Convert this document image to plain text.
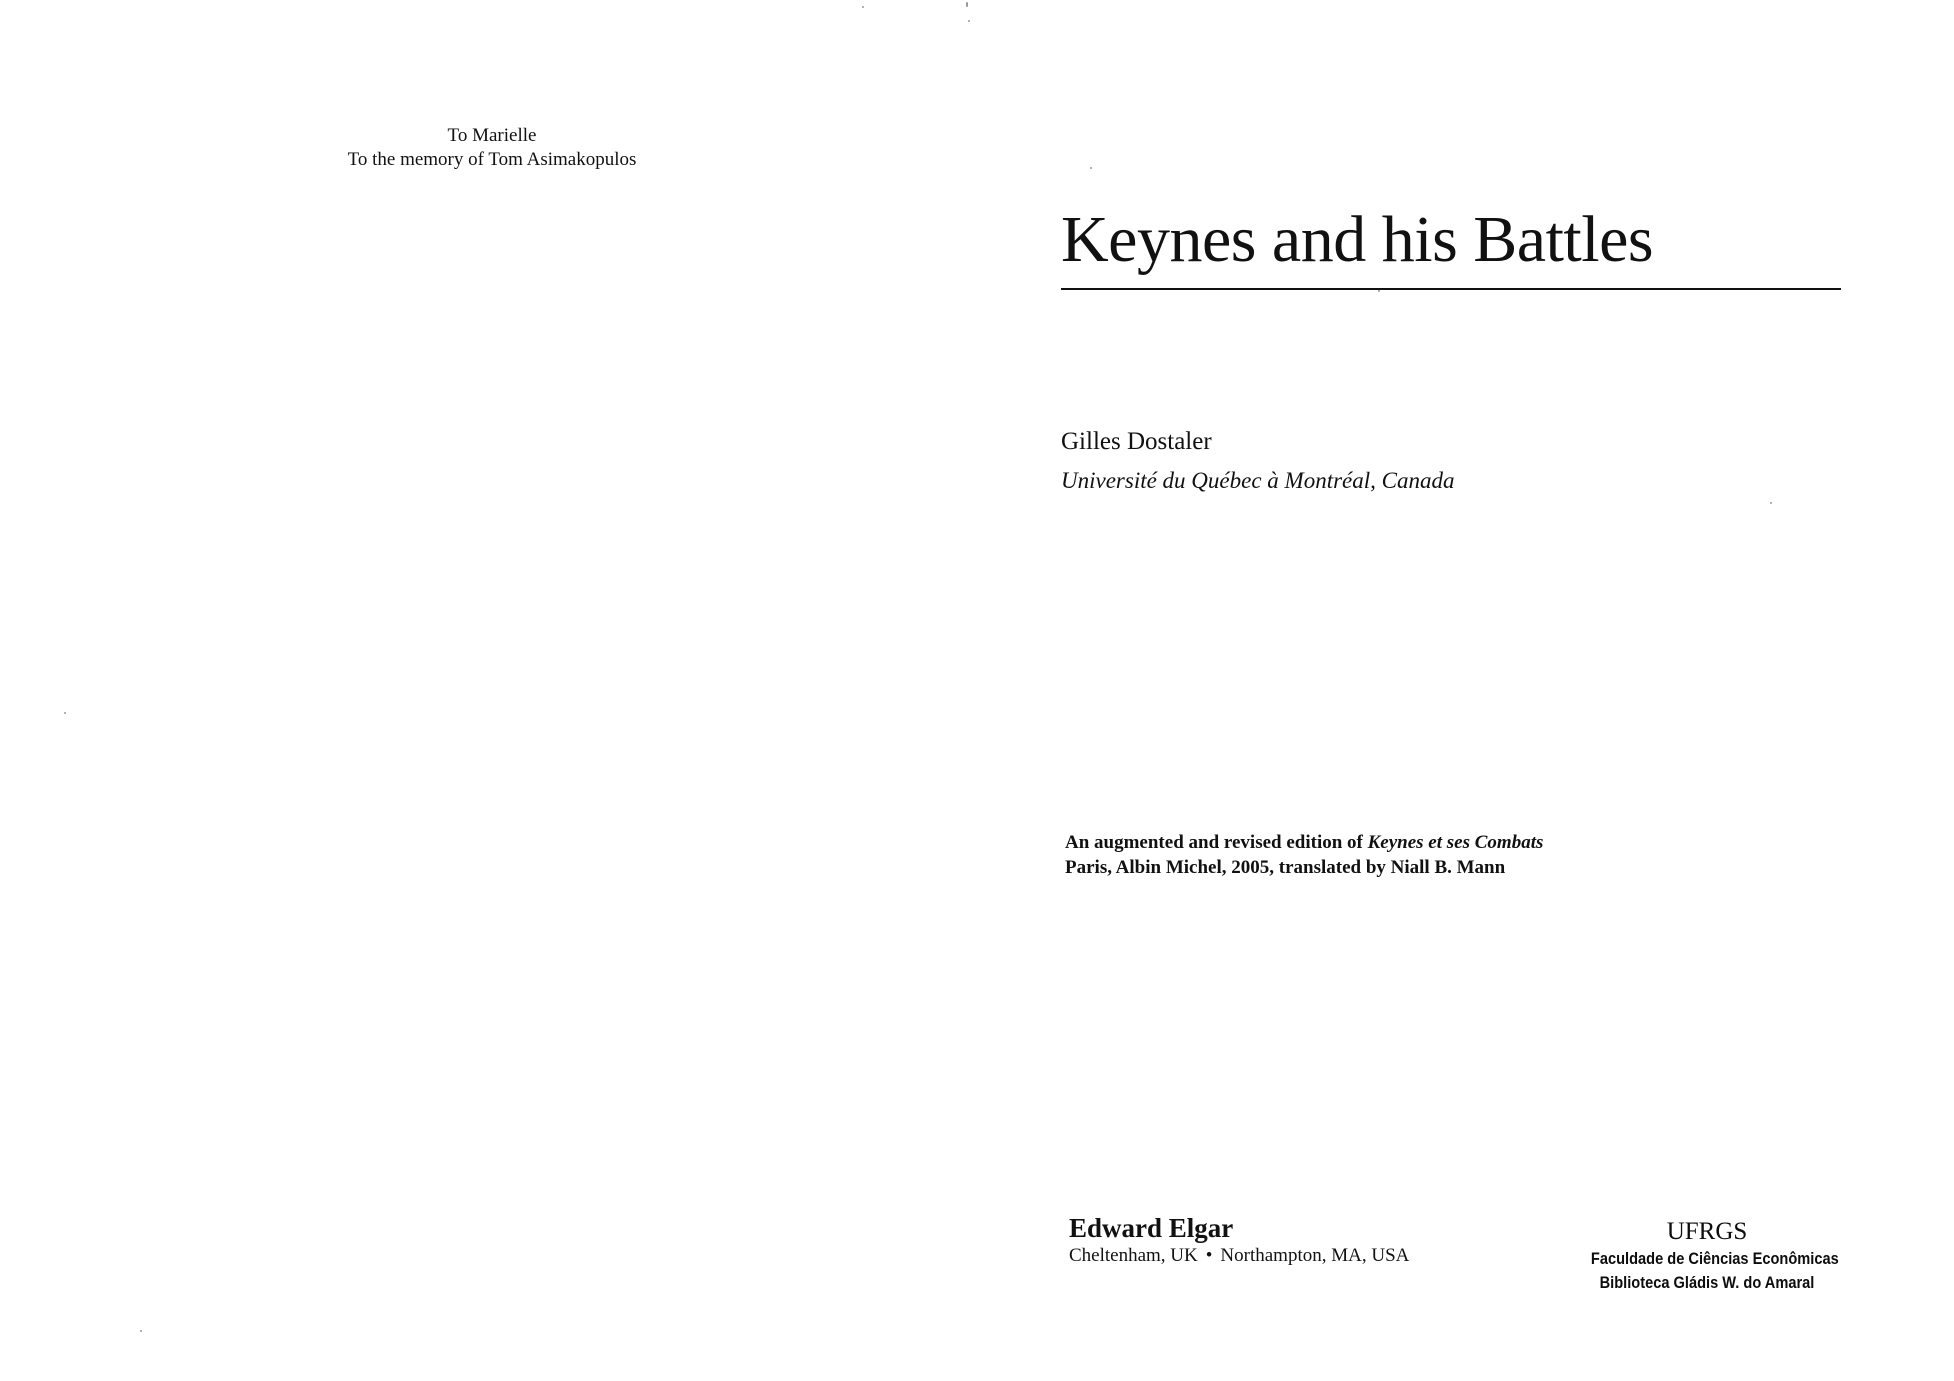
To Marielle
To the memory of Tom Asimakopulos
Keynes and his Battles
Gilles Dostaler
Université du Québec à Montréal, Canada
An augmented and revised edition of Keynes et ses Combats
Paris, Albin Michel, 2005, translated by Niall B. Mann
Edward Elgar
Cheltenham, UK • Northampton, MA, USA
UFRGS
Faculdade de Ciências Econômicas
Biblioteca Gládis W. do Amaral
